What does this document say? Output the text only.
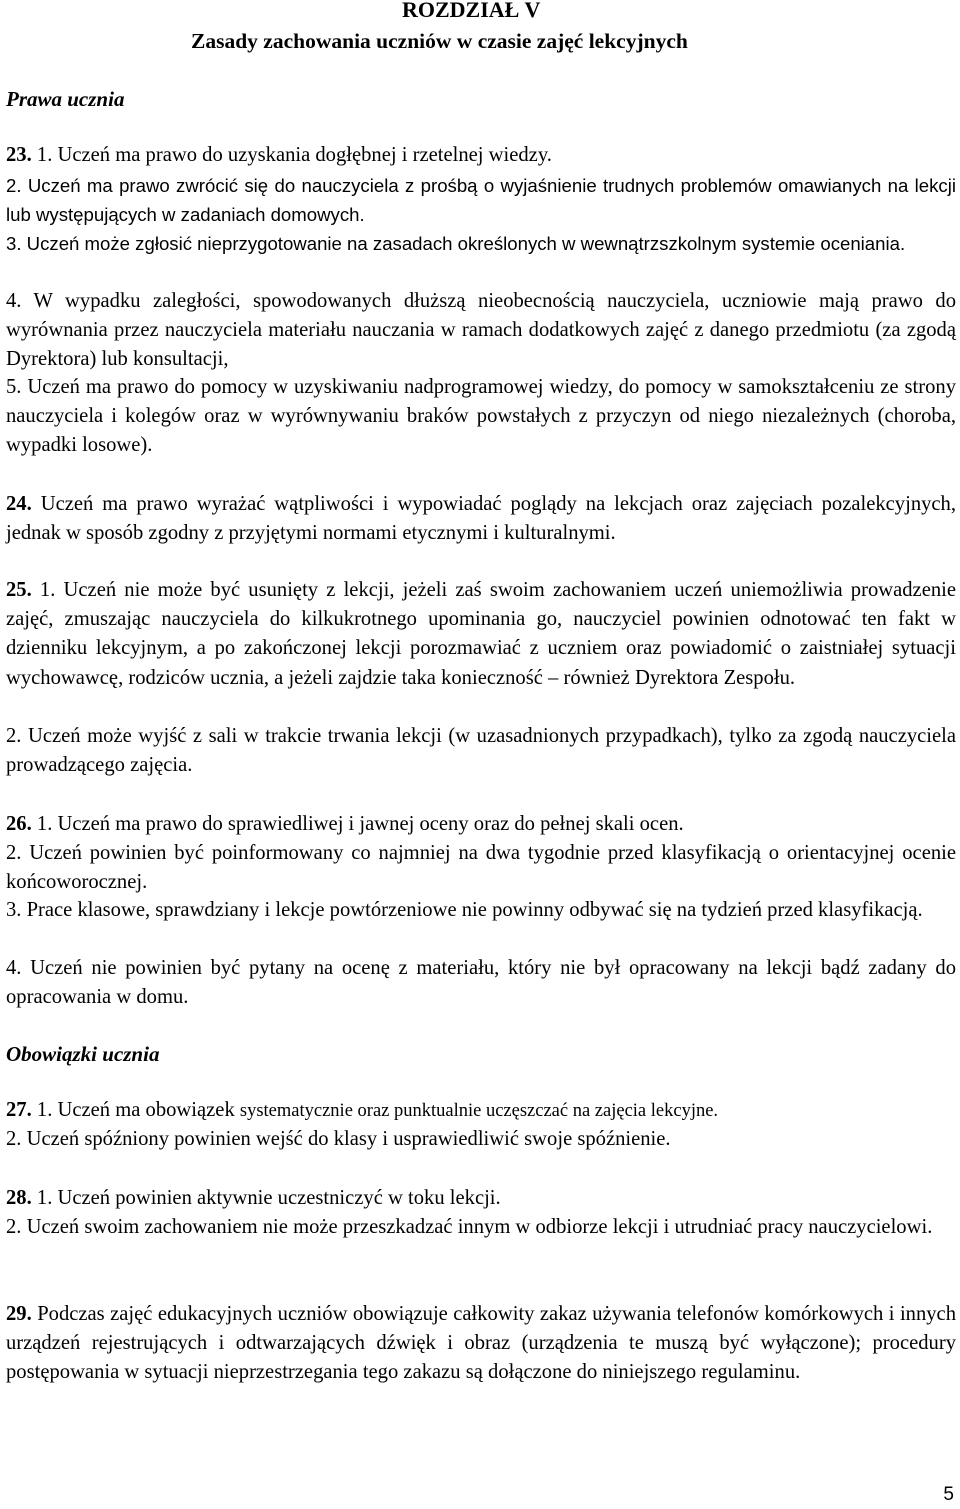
ROZDZIAŁ V
Zasady zachowania uczniów w czasie zajęć lekcyjnych
Prawa ucznia

23. 1. Uczeń ma prawo do uzyskania dogłębnej i rzetelnej wiedzy.

2. Uczeń ma prawo zwrócić się do nauczyciela z prośbą o wyjaśnienie trudnych problemów omawianych na lekcji lub występujących w zadaniach domowych.

3. Uczeń może zgłosić nieprzygotowanie na zasadach określonych w wewnątrzszkolnym systemie oceniania.

4. W wypadku zaległości, spowodowanych dłuższą nieobecnością nauczyciela, uczniowie mają prawo do wyrównania przez nauczyciela materiału nauczania w ramach dodatkowych zajęć z danego przedmiotu (za zgodą Dyrektora) lub konsultacji,

5. Uczeń ma prawo do pomocy w uzyskiwaniu nadprogramowej wiedzy, do pomocy w samokształceniu ze strony nauczyciela i kolegów oraz w wyrównywaniu braków powstałych z przyczyn od niego niezależnych (choroba, wypadki losowe).

24. Uczeń ma prawo wyrażać wątpliwości i wypowiadać poglądy na lekcjach oraz zajęciach pozalekcyjnych, jednak w sposób zgodny z przyjętymi normami etycznymi i kulturalnymi.

25. 1. Uczeń nie może być usunięty z lekcji, jeżeli zaś swoim zachowaniem uczeń uniemożliwia prowadzenie zajęć, zmuszając nauczyciela do kilkukrotnego upominania go, nauczyciel powinien odnotować ten fakt w dzienniku lekcyjnym, a po zakończonej lekcji porozmawiać z uczniem oraz powiadomić o zaistniałej sytuacji wychowawcę, rodziców ucznia, a jeżeli zajdzie taka konieczność – również Dyrektora Zespołu.

2. Uczeń może wyjść z sali w trakcie trwania lekcji (w uzasadnionych przypadkach), tylko za zgodą nauczyciela prowadzącego zajęcia.

26. 1. Uczeń ma prawo do sprawiedliwej i jawnej oceny oraz do pełnej skali ocen.

2. Uczeń powinien być poinformowany co najmniej na dwa tygodnie przed klasyfikacją o orientacyjnej ocenie końcoworocznej.

3. Prace klasowe, sprawdziany i lekcje powtórzeniowe nie powinny odbywać się na tydzień przed klasyfikacją.

4. Uczeń nie powinien być pytany na ocenę z materiału, który nie był opracowany na lekcji bądź zadany do opracowania w domu.

Obowiązki ucznia

27. 1. Uczeń ma obowiązek systematycznie oraz punktualnie uczęszczać na zajęcia lekcyjne.

2. Uczeń spóźniony powinien wejść do klasy i usprawiedliwić swoje spóźnienie.

28. 1. Uczeń powinien aktywnie uczestniczyć w toku lekcji.

2. Uczeń swoim zachowaniem nie może przeszkadzać innym w odbiorze lekcji i utrudniać pracy nauczycielowi.

29. Podczas zajęć edukacyjnych uczniów obowiązuje całkowity zakaz używania telefonów komórkowych i innych urządzeń rejestrujących i odtwarzających dźwięk i obraz (urządzenia te muszą być wyłączone); procedury postępowania w sytuacji nieprzestrzegania tego zakazu są dołączone do niniejszego regulaminu.

5
